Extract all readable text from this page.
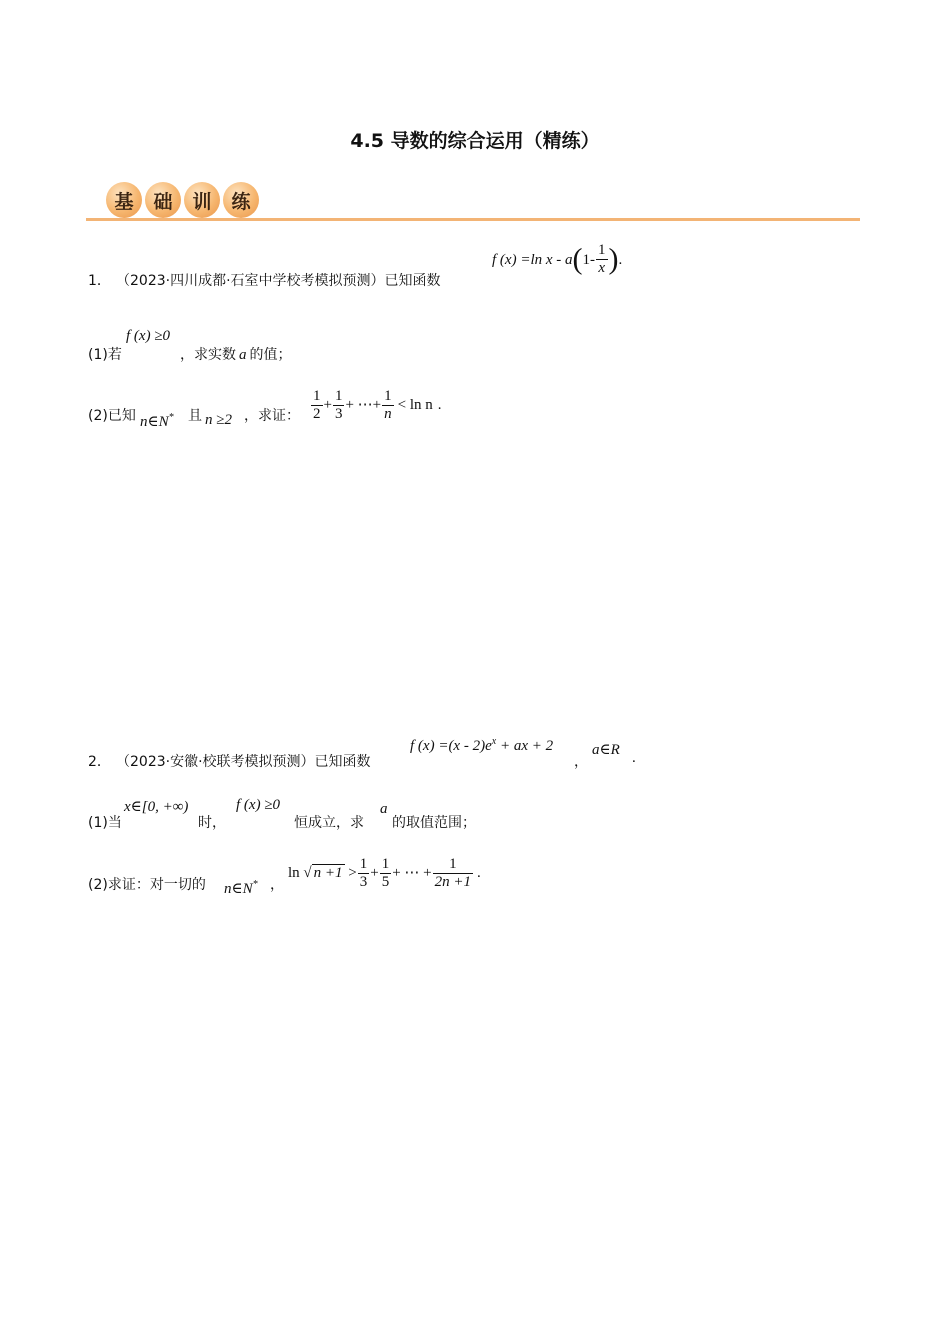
4.5 导数的综合运用（精练）
基	础	训	练
1． （2023·四川成都·石室中学校考模拟预测）已知函数
f (x) =ln x - $a(1- \frac{1}{x}$ ).
(1)若
f (x) ≥0
，求实数 a 的值；
(2)已知 n∈N* 且 n ≥2 ，求证： $\frac{1}{2} + \frac{1}{3}$ + ⋯+ $\frac{1}{n} < \ln n$ .
2． （2023·安徽·校联考模拟预测）已知函数
f $(x) =(x - 2)e^x$ + ax + 2
，
a∈R .
(1)当
x∈[0, +∞)
时，
f (x) ≥0
恒成立，求
a
的取值范围；
(2)求证：对一切的 n∈N* ，
ln √ $n +1 > \frac{1}{3} + \frac{1}{5}$ + ⋯ + $\frac{1}{2n +1}$ .
